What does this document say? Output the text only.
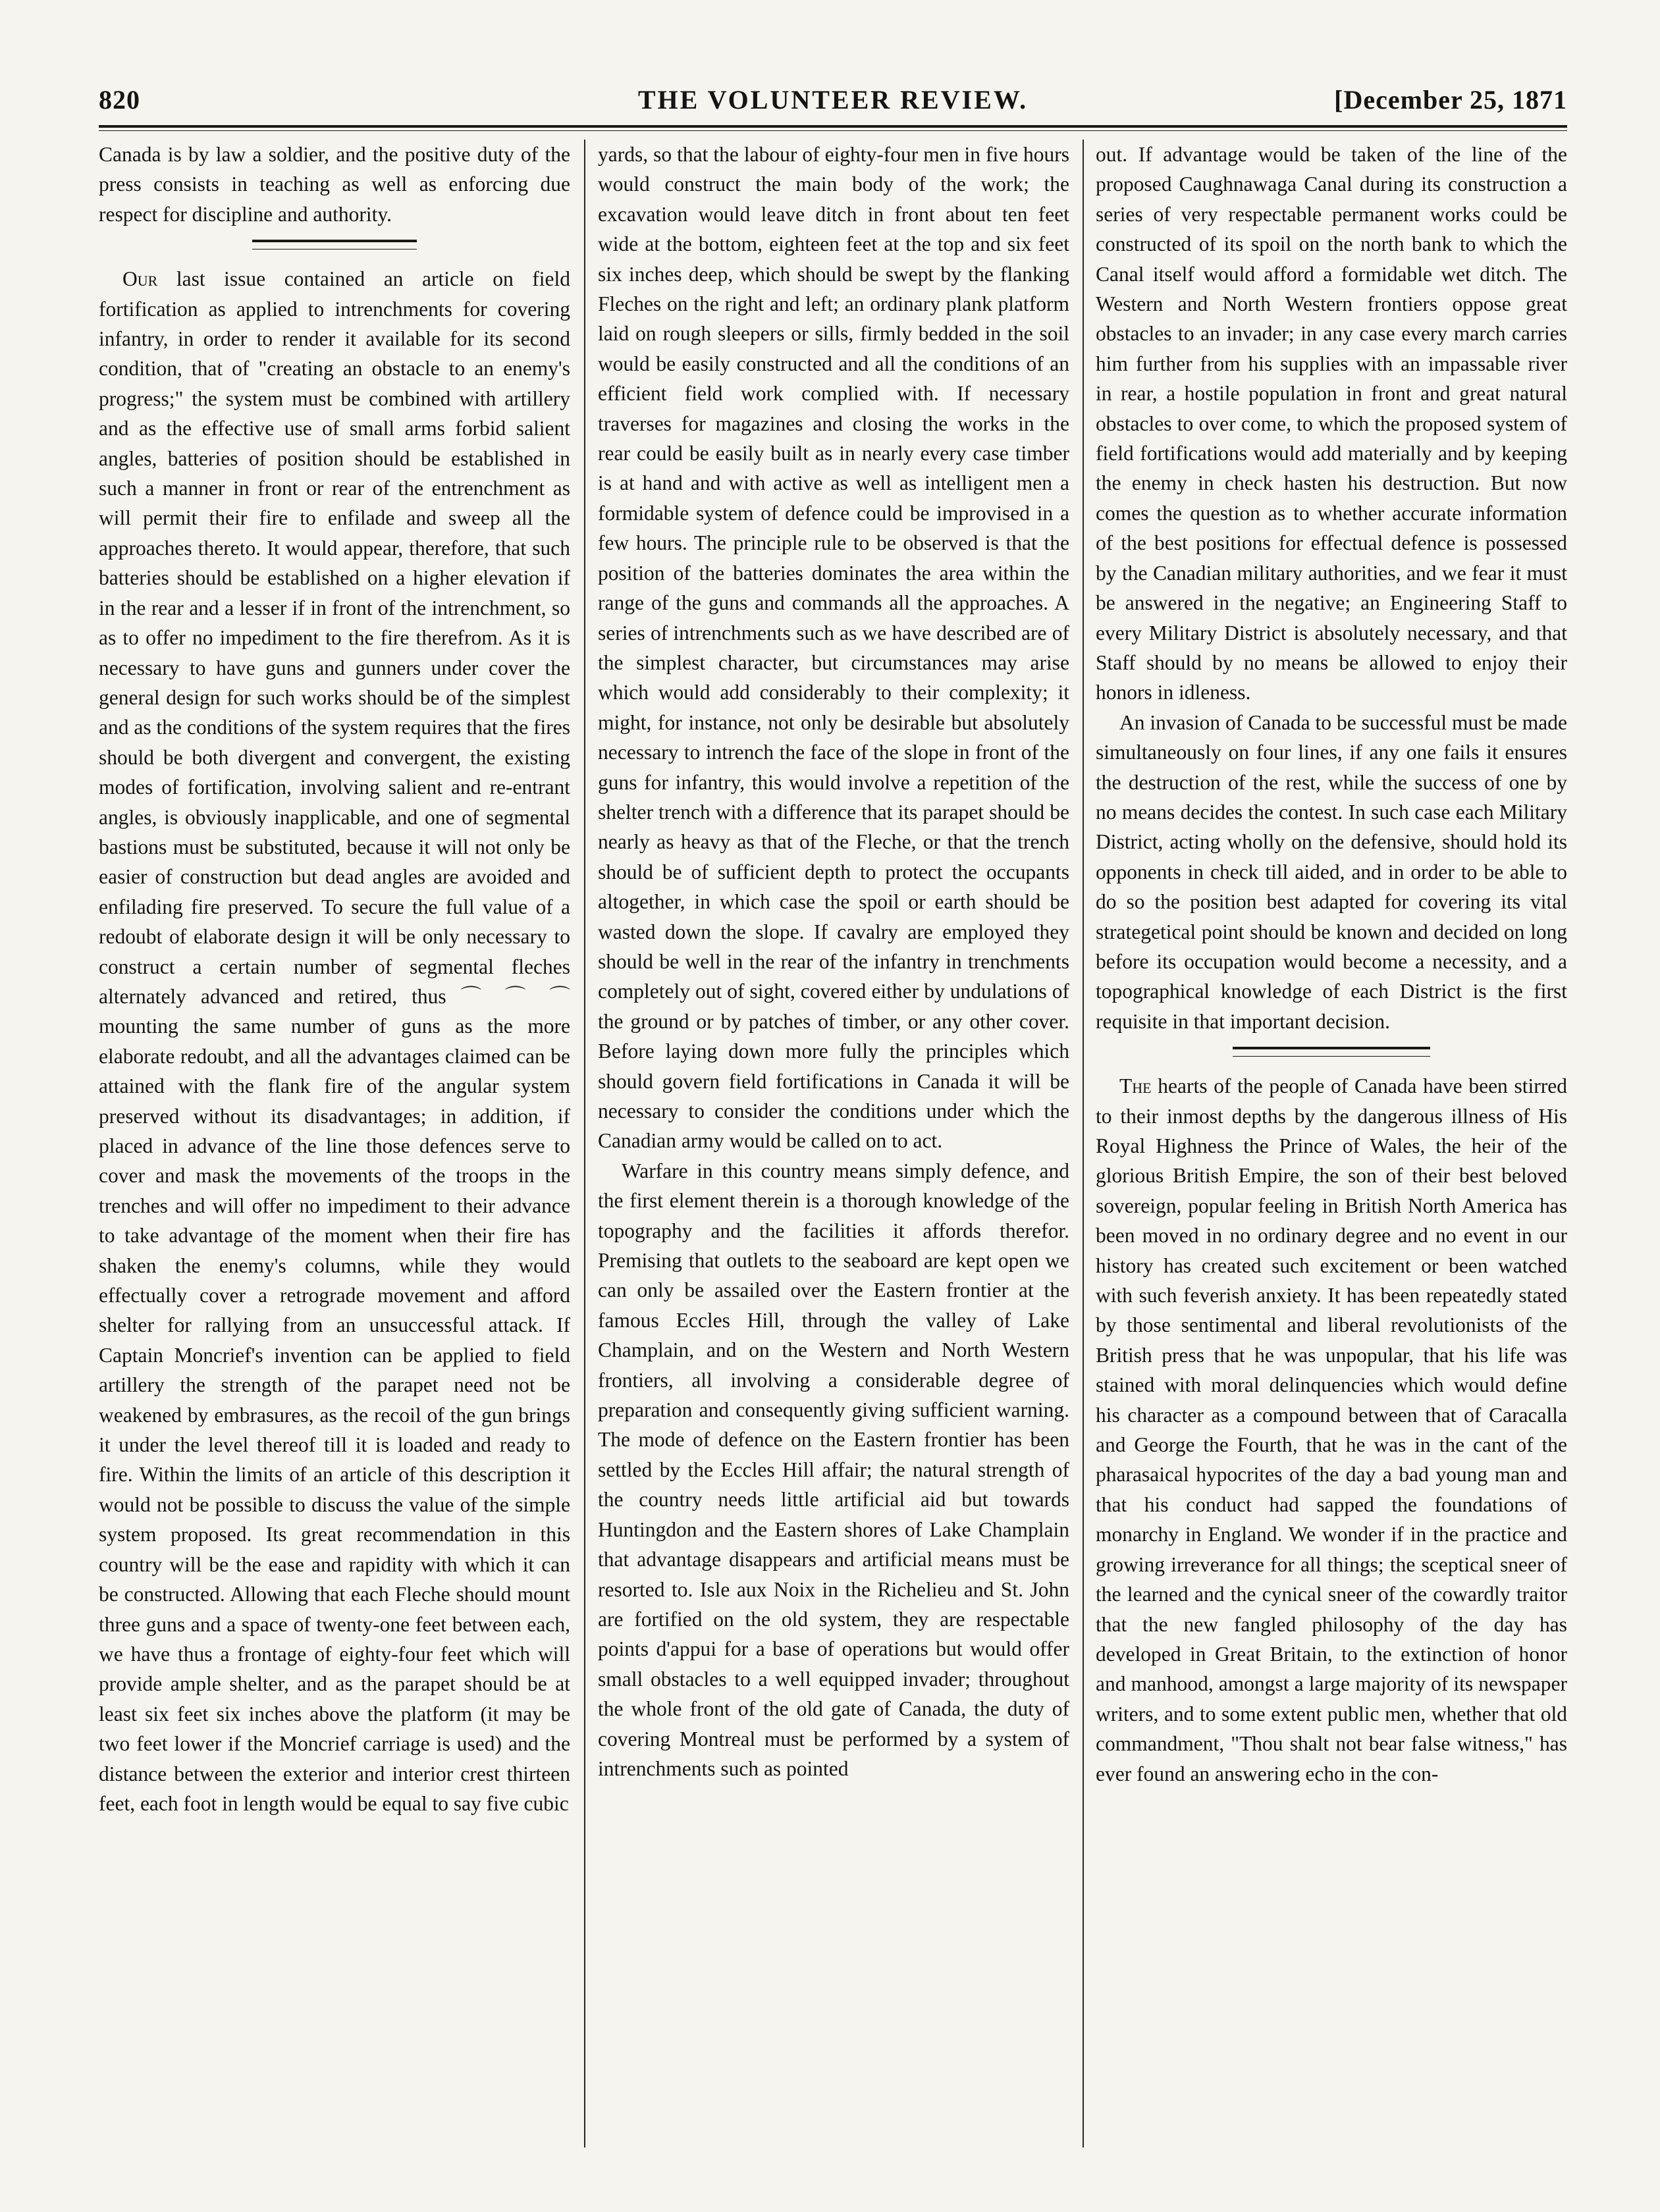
820	THE VOLUNTEER REVIEW.	[December 25, 1871

Canada is by law a soldier, and the positive duty of the press consists in teaching as well as enforcing due respect for discipline and authority.

Our last issue contained an article on field fortification as applied to intrenchments for covering infantry, in order to render it available for its second condition, that of "creating an obstacle to an enemy's progress;" the system must be combined with artillery and as the effective use of small arms forbid salient angles, batteries of position should be established in such a manner in front or rear of the entrenchment as will permit their fire to enfilade and sweep all the approaches thereto. It would appear, therefore, that such batteries should be established on a higher elevation if in the rear and a lesser if in front of the intrenchment, so as to offer no impediment to the fire therefrom. As it is necessary to have guns and gunners under cover the general design for such works should be of the simplest and as the conditions of the system requires that the fires should be both divergent and convergent, the existing modes of fortification, involving salient and re-entrant angles, is obviously inapplicable, and one of segmental bastions must be substituted, because it will not only be easier of construction but dead angles are avoided and enfilading fire preserved. To secure the full value of a redoubt of elaborate design it will be only necessary to construct a certain number of segmental fleches alternately advanced and retired, thus ⌒ ⌒ ⌒ mounting the same number of guns as the more elaborate redoubt, and all the advantages claimed can be attained with the flank fire of the angular system preserved without its disadvantages; in addition, if placed in advance of the line those defences serve to cover and mask the movements of the troops in the trenches and will offer no impediment to their advance to take advantage of the moment when their fire has shaken the enemy's columns, while they would effectually cover a retrograde movement and afford shelter for rallying from an unsuccessful attack. If Captain Moncrief's invention can be applied to field artillery the strength of the parapet need not be weakened by embrasures, as the recoil of the gun brings it under the level thereof till it is loaded and ready to fire. Within the limits of an article of this description it would not be possible to discuss the value of the simple system proposed. Its great recommendation in this country will be the ease and rapidity with which it can be constructed. Allowing that each Fleche should mount three guns and a space of twenty-one feet between each, we have thus a frontage of eighty-four feet which will provide ample shelter, and as the parapet should be at least six feet six inches above the platform (it may be two feet lower if the Moncrief carriage is used) and the distance between the exterior and interior crest thirteen feet, each foot in length would be equal to say five cubic

yards, so that the labour of eighty-four men in five hours would construct the main body of the work; the excavation would leave ditch in front about ten feet wide at the bottom, eighteen feet at the top and six feet six inches deep, which should be swept by the flanking Fleches on the right and left; an ordinary plank platform laid on rough sleepers or sills, firmly bedded in the soil would be easily constructed and all the conditions of an efficient field work complied with. If necessary traverses for magazines and closing the works in the rear could be easily built as in nearly every case timber is at hand and with active as well as intelligent men a formidable system of defence could be improvised in a few hours. The principle rule to be observed is that the position of the batteries dominates the area within the range of the guns and commands all the approaches. A series of intrenchments such as we have described are of the simplest character, but circumstances may arise which would add considerably to their complexity; it might, for instance, not only be desirable but absolutely necessary to intrench the face of the slope in front of the guns for infantry, this would involve a repetition of the shelter trench with a difference that its parapet should be nearly as heavy as that of the Fleche, or that the trench should be of sufficient depth to protect the occupants altogether, in which case the spoil or earth should be wasted down the slope. If cavalry are employed they should be well in the rear of the infantry in trenchments completely out of sight, covered either by undulations of the ground or by patches of timber, or any other cover. Before laying down more fully the principles which should govern field fortifications in Canada it will be necessary to consider the conditions under which the Canadian army would be called on to act.

Warfare in this country means simply defence, and the first element therein is a thorough knowledge of the topography and the facilities it affords therefor. Premising that outlets to the seaboard are kept open we can only be assailed over the Eastern frontier at the famous Eccles Hill, through the valley of Lake Champlain, and on the Western and North Western frontiers, all involving a considerable degree of preparation and consequently giving sufficient warning. The mode of defence on the Eastern frontier has been settled by the Eccles Hill affair; the natural strength of the country needs little artificial aid but towards Huntingdon and the Eastern shores of Lake Champlain that advantage disappears and artificial means must be resorted to. Isle aux Noix in the Richelieu and St. John are fortified on the old system, they are respectable points d'appui for a base of operations but would offer small obstacles to a well equipped invader; throughout the whole front of the old gate of Canada, the duty of covering Montreal must be performed by a system of intrenchments such as pointed

out. If advantage would be taken of the line of the proposed Caughnawaga Canal during its construction a series of very respectable permanent works could be constructed of its spoil on the north bank to which the Canal itself would afford a formidable wet ditch. The Western and North Western frontiers oppose great obstacles to an invader; in any case every march carries him further from his supplies with an impassable river in rear, a hostile population in front and great natural obstacles to over come, to which the proposed system of field fortifications would add materially and by keeping the enemy in check hasten his destruction. But now comes the question as to whether accurate information of the best positions for effectual defence is possessed by the Canadian military authorities, and we fear it must be answered in the negative; an Engineering Staff to every Military District is absolutely necessary, and that Staff should by no means be allowed to enjoy their honors in idleness.

An invasion of Canada to be successful must be made simultaneously on four lines, if any one fails it ensures the destruction of the rest, while the success of one by no means decides the contest. In such case each Military District, acting wholly on the defensive, should hold its opponents in check till aided, and in order to be able to do so the position best adapted for covering its vital strategetical point should be known and decided on long before its occupation would become a necessity, and a topographical knowledge of each District is the first requisite in that important decision.

The hearts of the people of Canada have been stirred to their inmost depths by the dangerous illness of His Royal Highness the Prince of Wales, the heir of the glorious British Empire, the son of their best beloved sovereign, popular feeling in British North America has been moved in no ordinary degree and no event in our history has created such excitement or been watched with such feverish anxiety. It has been repeatedly stated by those sentimental and liberal revolutionists of the British press that he was unpopular, that his life was stained with moral delinquencies which would define his character as a compound between that of Caracalla and George the Fourth, that he was in the cant of the pharasaical hypocrites of the day a bad young man and that his conduct had sapped the foundations of monarchy in England. We wonder if in the practice and growing irreverance for all things; the sceptical sneer of the learned and the cynical sneer of the cowardly traitor that the new fangled philosophy of the day has developed in Great Britain, to the extinction of honor and manhood, amongst a large majority of its newspaper writers, and to some extent public men, whether that old commandment, "Thou shalt not bear false witness," has ever found an answering echo in the con-
